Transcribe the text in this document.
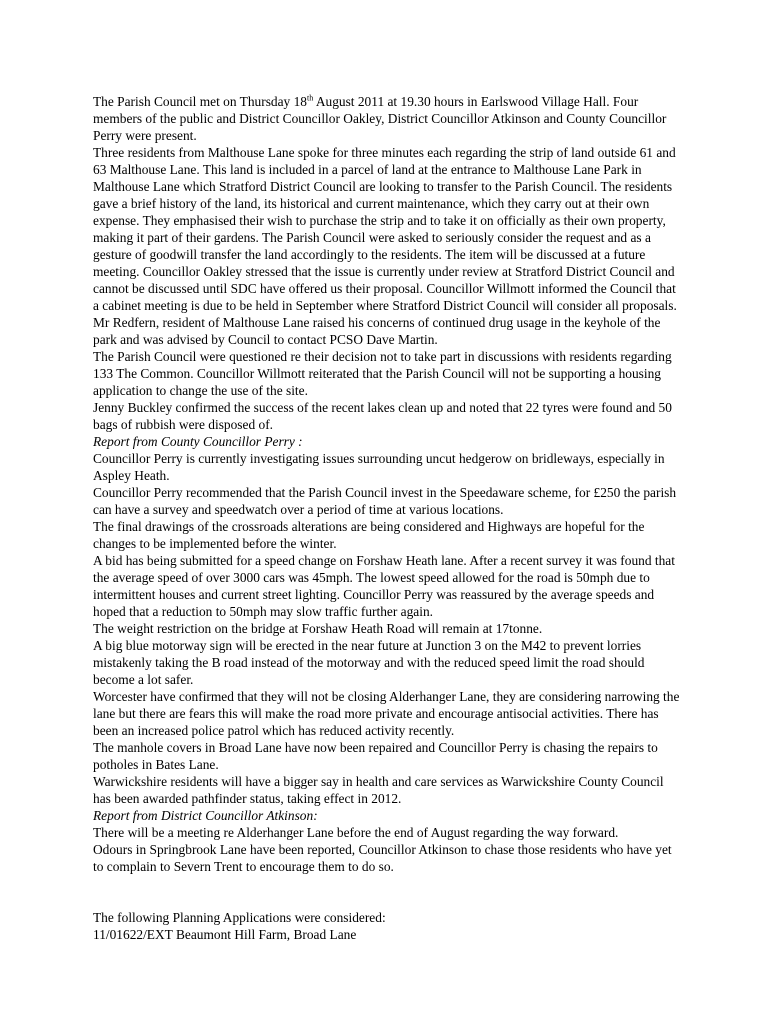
The Parish Council met on Thursday 18th August 2011 at 19.30 hours in Earlswood Village Hall. Four members of the public and District Councillor Oakley, District Councillor Atkinson and County Councillor Perry were present.

Three residents from Malthouse Lane spoke for three minutes each regarding the strip of land outside 61 and 63 Malthouse Lane. This land is included in a parcel of land at the entrance to Malthouse Lane Park in Malthouse Lane which Stratford District Council are looking to transfer to the Parish Council. The residents gave a brief history of the land, its historical and current maintenance, which they carry out at their own expense. They emphasised their wish to purchase the strip and to take it on officially as their own property, making it part of their gardens. The Parish Council were asked to seriously consider the request and as a gesture of goodwill transfer the land accordingly to the residents. The item will be discussed at a future meeting. Councillor Oakley stressed that the issue is currently under review at Stratford District Council and cannot be discussed until SDC have offered us their proposal. Councillor Willmott informed the Council that a cabinet meeting is due to be held in September where Stratford District Council will consider all proposals.

Mr Redfern, resident of Malthouse Lane raised his concerns of continued drug usage in the keyhole of the park and was advised by Council to contact PCSO Dave Martin.

The Parish Council were questioned re their decision not to take part in discussions with residents regarding 133 The Common. Councillor Willmott reiterated that the Parish Council will not be supporting a housing application to change the use of the site.

Jenny Buckley confirmed the success of the recent lakes clean up and noted that 22 tyres were found and 50 bags of rubbish were disposed of.

Report from County Councillor Perry :

Councillor Perry is currently investigating issues surrounding uncut hedgerow on bridleways, especially in Aspley Heath.

Councillor Perry recommended that the Parish Council invest in the Speedaware scheme, for £250 the parish can have a survey and speedwatch over a period of time at various locations.

The final drawings of the crossroads alterations are being considered and Highways are hopeful for the changes to be implemented before the winter.

A bid has being submitted for a speed change on Forshaw Heath lane. After a recent survey it was found that the average speed of over 3000 cars was 45mph. The lowest speed allowed for the road is 50mph due to intermittent houses and current street lighting. Councillor Perry was reassured by the average speeds and hoped that a reduction to 50mph may slow traffic further again.

The weight restriction on the bridge at Forshaw Heath Road will remain at 17tonne.

A big blue motorway sign will be erected in the near future at Junction 3 on the M42 to prevent lorries mistakenly taking the B road instead of the motorway and with the reduced speed limit the road should become a lot safer.

Worcester have confirmed that they will not be closing Alderhanger Lane, they are considering narrowing the lane but there are fears this will make the road more private and encourage antisocial activities. There has been an increased police patrol which has reduced activity recently.

The manhole covers in Broad Lane have now been repaired and Councillor Perry is chasing the repairs to potholes in Bates Lane.

Warwickshire residents will have a bigger say in health and care services as Warwickshire County Council has been awarded pathfinder status, taking effect in 2012.

Report from District Councillor Atkinson:

There will be a meeting re Alderhanger Lane before the end of August regarding the way forward.

Odours in Springbrook Lane have been reported, Councillor Atkinson to chase those residents who have yet to complain to Severn Trent to encourage them to do so.

The following Planning Applications were considered:

11/01622/EXT Beaumont Hill Farm, Broad Lane
